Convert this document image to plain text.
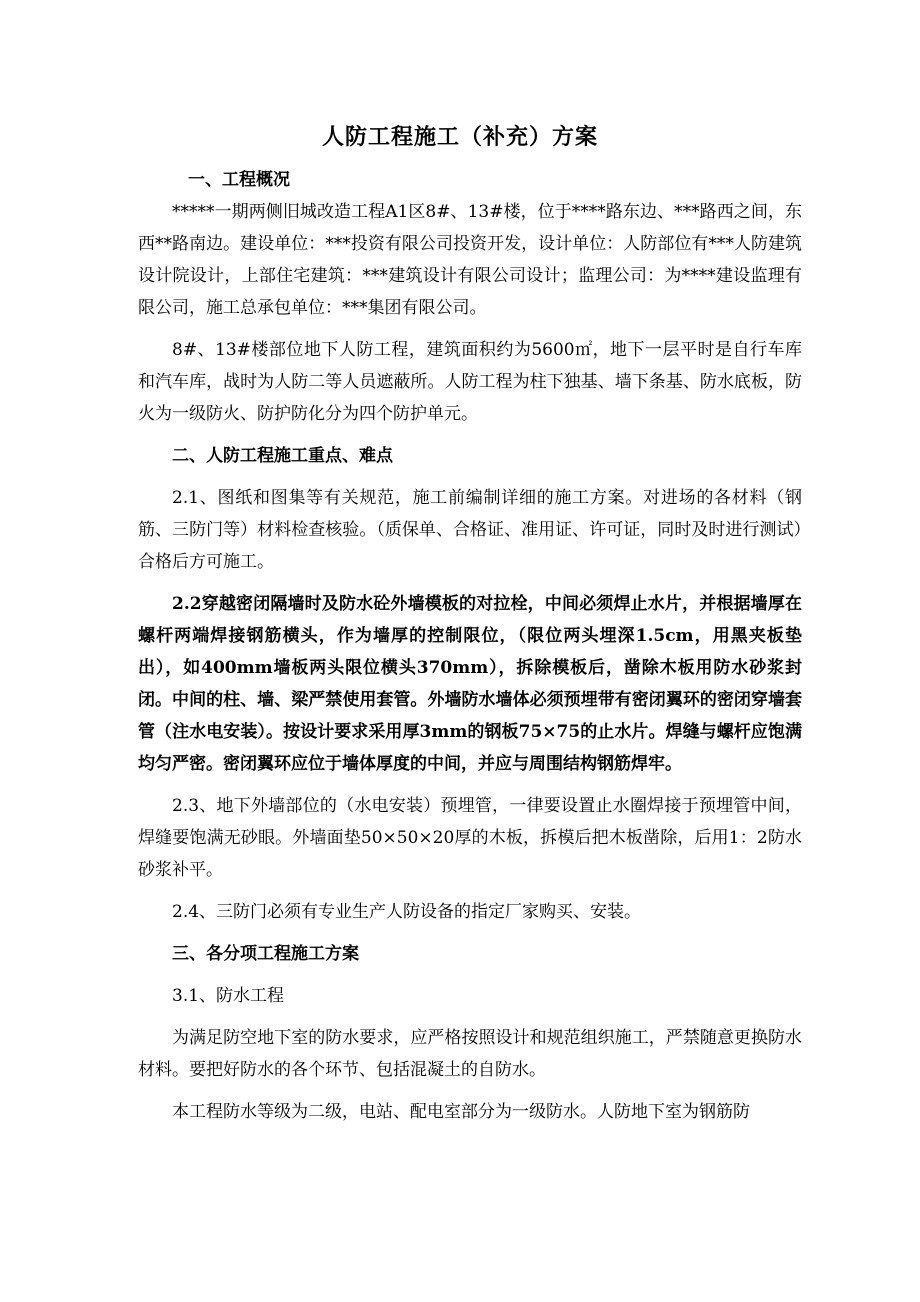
人防工程施工（补充）方案

一、工程概况

*****一期两侧旧城改造工程A1区8#、13#楼，位于****路东边、***路西之间，东西**路南边。建设单位：***投资有限公司投资开发，设计单位：人防部位有***人防建筑设计院设计，上部住宅建筑：***建筑设计有限公司设计；监理公司：为****建设监理有限公司，施工总承包单位：***集团有限公司。

8#、13#楼部位地下人防工程，建筑面积约为5600㎡，地下一层平时是自行车库和汽车库，战时为人防二等人员遮蔽所。人防工程为柱下独基、墙下条基、防水底板，防火为一级防火、防护防化分为四个防护单元。

二、人防工程施工重点、难点

2.1、图纸和图集等有关规范，施工前编制详细的施工方案。对进场的各材料（钢筋、三防门等）材料检查核验。（质保单、合格证、准用证、许可证，同时及时进行测试）合格后方可施工。

2.2穿越密闭隔墙时及防水砼外墙模板的对拉栓，中间必须焊止水片，并根据墙厚在螺杆两端焊接钢筋横头，作为墙厚的控制限位，（限位两头埋深1.5cm，用黑夹板垫出），如400mm墙板两头限位横头370mm），拆除模板后，凿除木板用防水砂浆封闭。中间的柱、墙、梁严禁使用套管。外墙防水墙体必须预埋带有密闭翼环的密闭穿墙套管（注水电安装）。按设计要求采用厚3mm的钢板75×75的止水片。焊缝与螺杆应饱满均匀严密。密闭翼环应位于墙体厚度的中间，并应与周围结构钢筋焊牢。

2.3、地下外墙部位的（水电安装）预埋管，一律要设置止水圈焊接于预埋管中间，焊缝要饱满无砂眼。外墙面垫50×50×20厚的木板，拆模后把木板凿除，后用1：2防水砂浆补平。

2.4、三防门必须有专业生产人防设备的指定厂家购买、安装。

三、各分项工程施工方案

3.1、防水工程

为满足防空地下室的防水要求，应严格按照设计和规范组织施工，严禁随意更换防水材料。要把好防水的各个环节、包括混凝土的自防水。

本工程防水等级为二级，电站、配电室部分为一级防水。人防地下室为钢筋防
